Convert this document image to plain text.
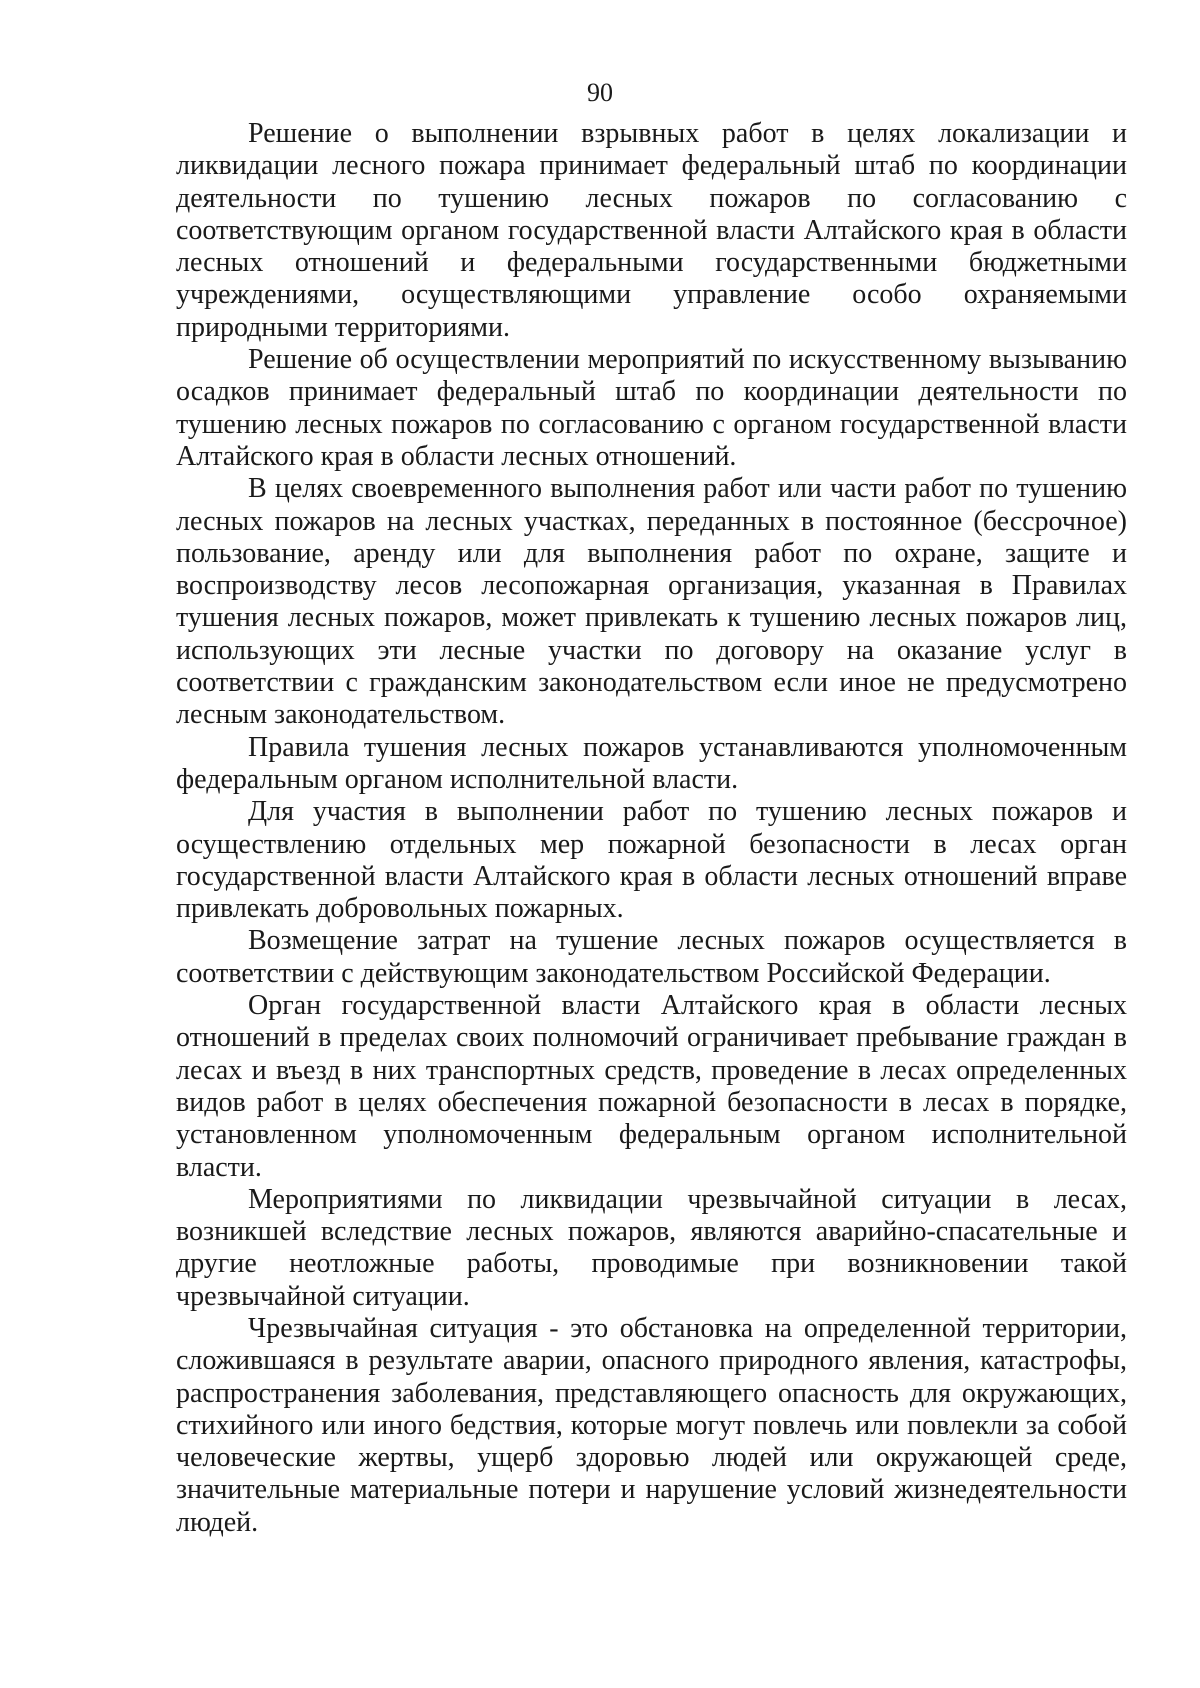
90

Решение о выполнении взрывных работ в целях локализации и ликвидации лесного пожара принимает федеральный штаб по координации деятельности по тушению лесных пожаров по согласованию с соответствующим органом государственной власти Алтайского края в области лесных отношений и федеральными государственными бюджетными учреждениями, осуществляющими управление особо охраняемыми природными территориями.

Решение об осуществлении мероприятий по искусственному вызыванию осадков принимает федеральный штаб по координации деятельности по тушению лесных пожаров по согласованию с органом государственной власти Алтайского края в области лесных отношений.

В целях своевременного выполнения работ или части работ по тушению лесных пожаров на лесных участках, переданных в постоянное (бессрочное) пользование, аренду или для выполнения работ по охране, защите и воспроизводству лесов лесопожарная организация, указанная в Правилах тушения лесных пожаров, может привлекать к тушению лесных пожаров лиц, использующих эти лесные участки по договору на оказание услуг в соответствии с гражданским законодательством если иное не предусмотрено лесным законодательством.

Правила тушения лесных пожаров устанавливаются уполномоченным федеральным органом исполнительной власти.

Для участия в выполнении работ по тушению лесных пожаров и осуществлению отдельных мер пожарной безопасности в лесах орган государственной власти Алтайского края в области лесных отношений вправе привлекать добровольных пожарных.

Возмещение затрат на тушение лесных пожаров осуществляется в соответствии с действующим законодательством Российской Федерации.

Орган государственной власти Алтайского края в области лесных отношений в пределах своих полномочий ограничивает пребывание граждан в лесах и въезд в них транспортных средств, проведение в лесах определенных видов работ в целях обеспечения пожарной безопасности в лесах в порядке, установленном уполномоченным федеральным органом исполнительной власти.

Мероприятиями по ликвидации чрезвычайной ситуации в лесах, возникшей вследствие лесных пожаров, являются аварийно-спасательные и другие неотложные работы, проводимые при возникновении такой чрезвычайной ситуации.

Чрезвычайная ситуация - это обстановка на определенной территории, сложившаяся в результате аварии, опасного природного явления, катастрофы, распространения заболевания, представляющего опасность для окружающих, стихийного или иного бедствия, которые могут повлечь или повлекли за собой человеческие жертвы, ущерб здоровью людей или окружающей среде, значительные материальные потери и нарушение условий жизнедеятельности людей.
